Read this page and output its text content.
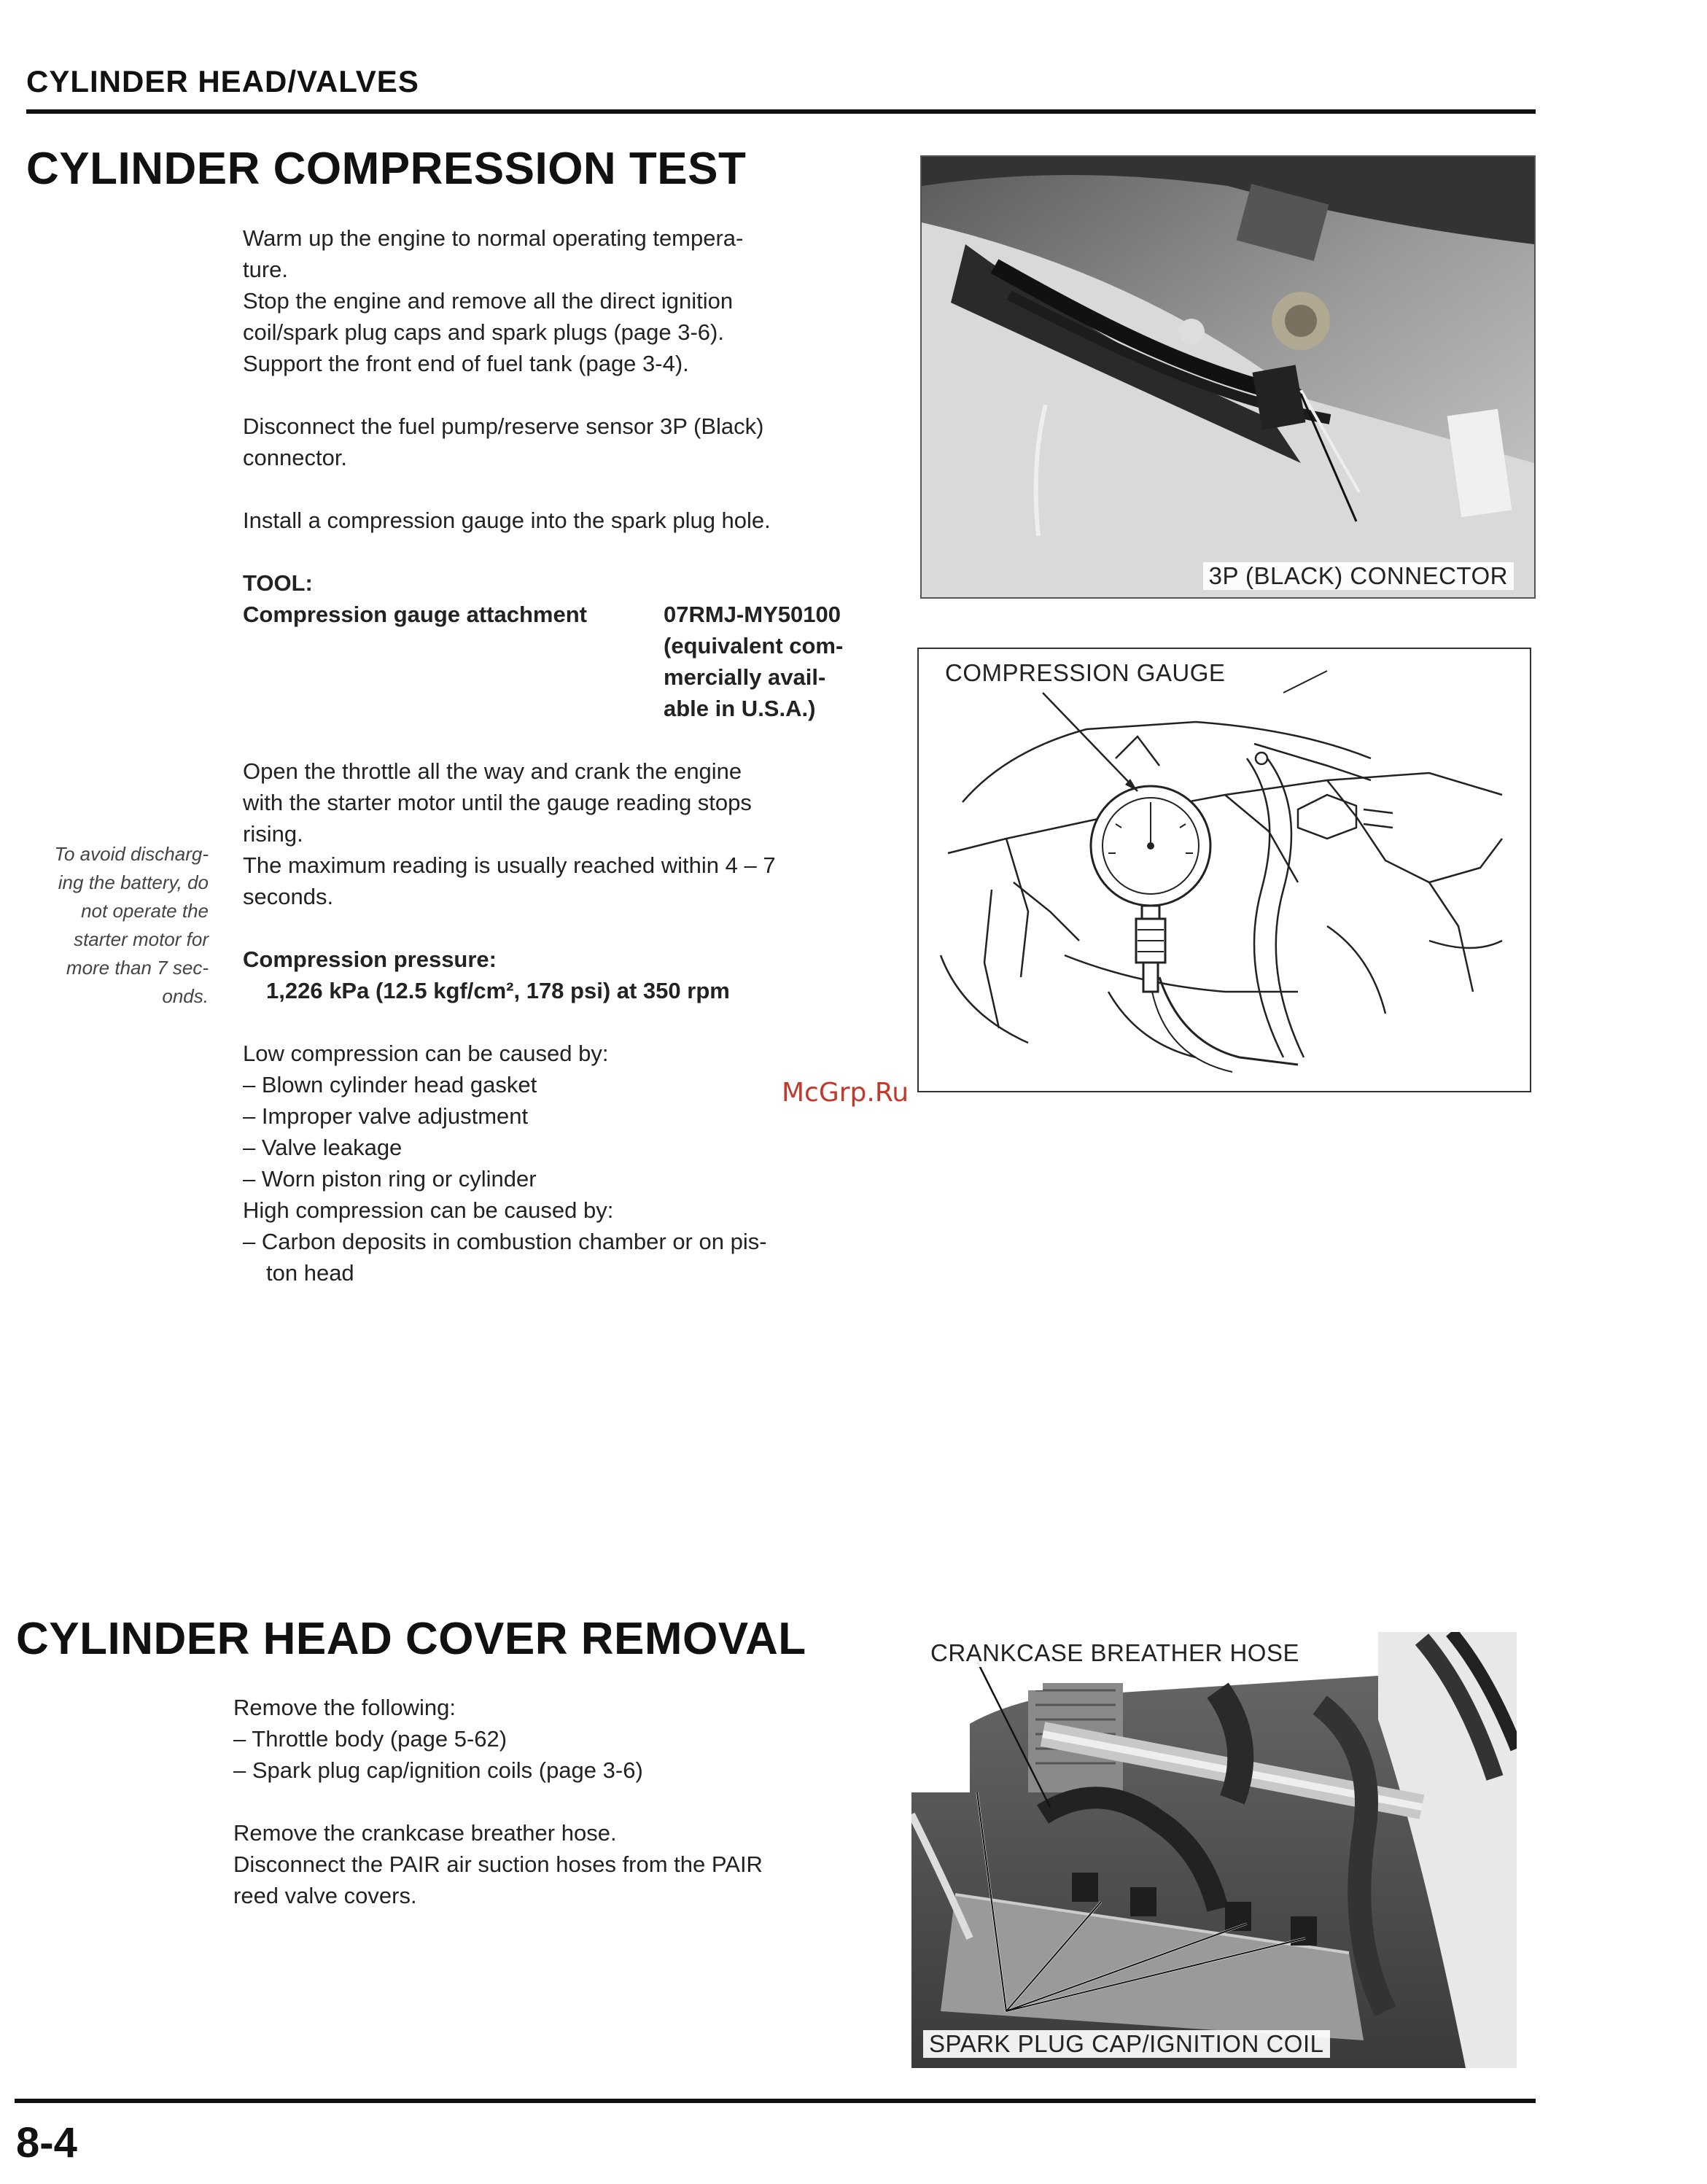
CYLINDER HEAD/VALVES
CYLINDER COMPRESSION TEST

Warm up the engine to normal operating tempera-

ture.

Stop the engine and remove all the direct ignition

coil/spark plug caps and spark plugs (page 3-6).

Support the front end of fuel tank (page 3-4).

Disconnect the fuel pump/reserve sensor 3P (Black)

connector.

Install a compression gauge into the spark plug hole.

TOOL:

Compression gauge attachment	07RMJ-MY50100

(equivalent com-

mercially avail-

able in U.S.A.)

Open the throttle all the way and crank the engine

with the starter motor until the gauge reading stops

rising.

The maximum reading is usually reached within 4 – 7

seconds.

Compression pressure:

1,226 kPa (12.5 kgf/cm², 178 psi) at 350 rpm

Low compression can be caused by:

– Blown cylinder head gasket

– Improper valve adjustment

– Valve leakage

– Worn piston ring or cylinder

High compression can be caused by:

– Carbon deposits in combustion chamber or on pis-

ton head

To avoid discharg-
ing the battery, do
not operate the
starter motor for
more than 7 sec-
onds.
3P (BLACK) CONNECTOR
COMPRESSION GAUGE
McGrp.Ru
CYLINDER HEAD COVER REMOVAL

Remove the following:

– Throttle body (page 5-62)

– Spark plug cap/ignition coils (page 3-6)

Remove the crankcase breather hose.

Disconnect the PAIR air suction hoses from the PAIR

reed valve covers.

CRANKCASE BREATHER HOSE
SPARK PLUG CAP/IGNITION COIL
8-4
